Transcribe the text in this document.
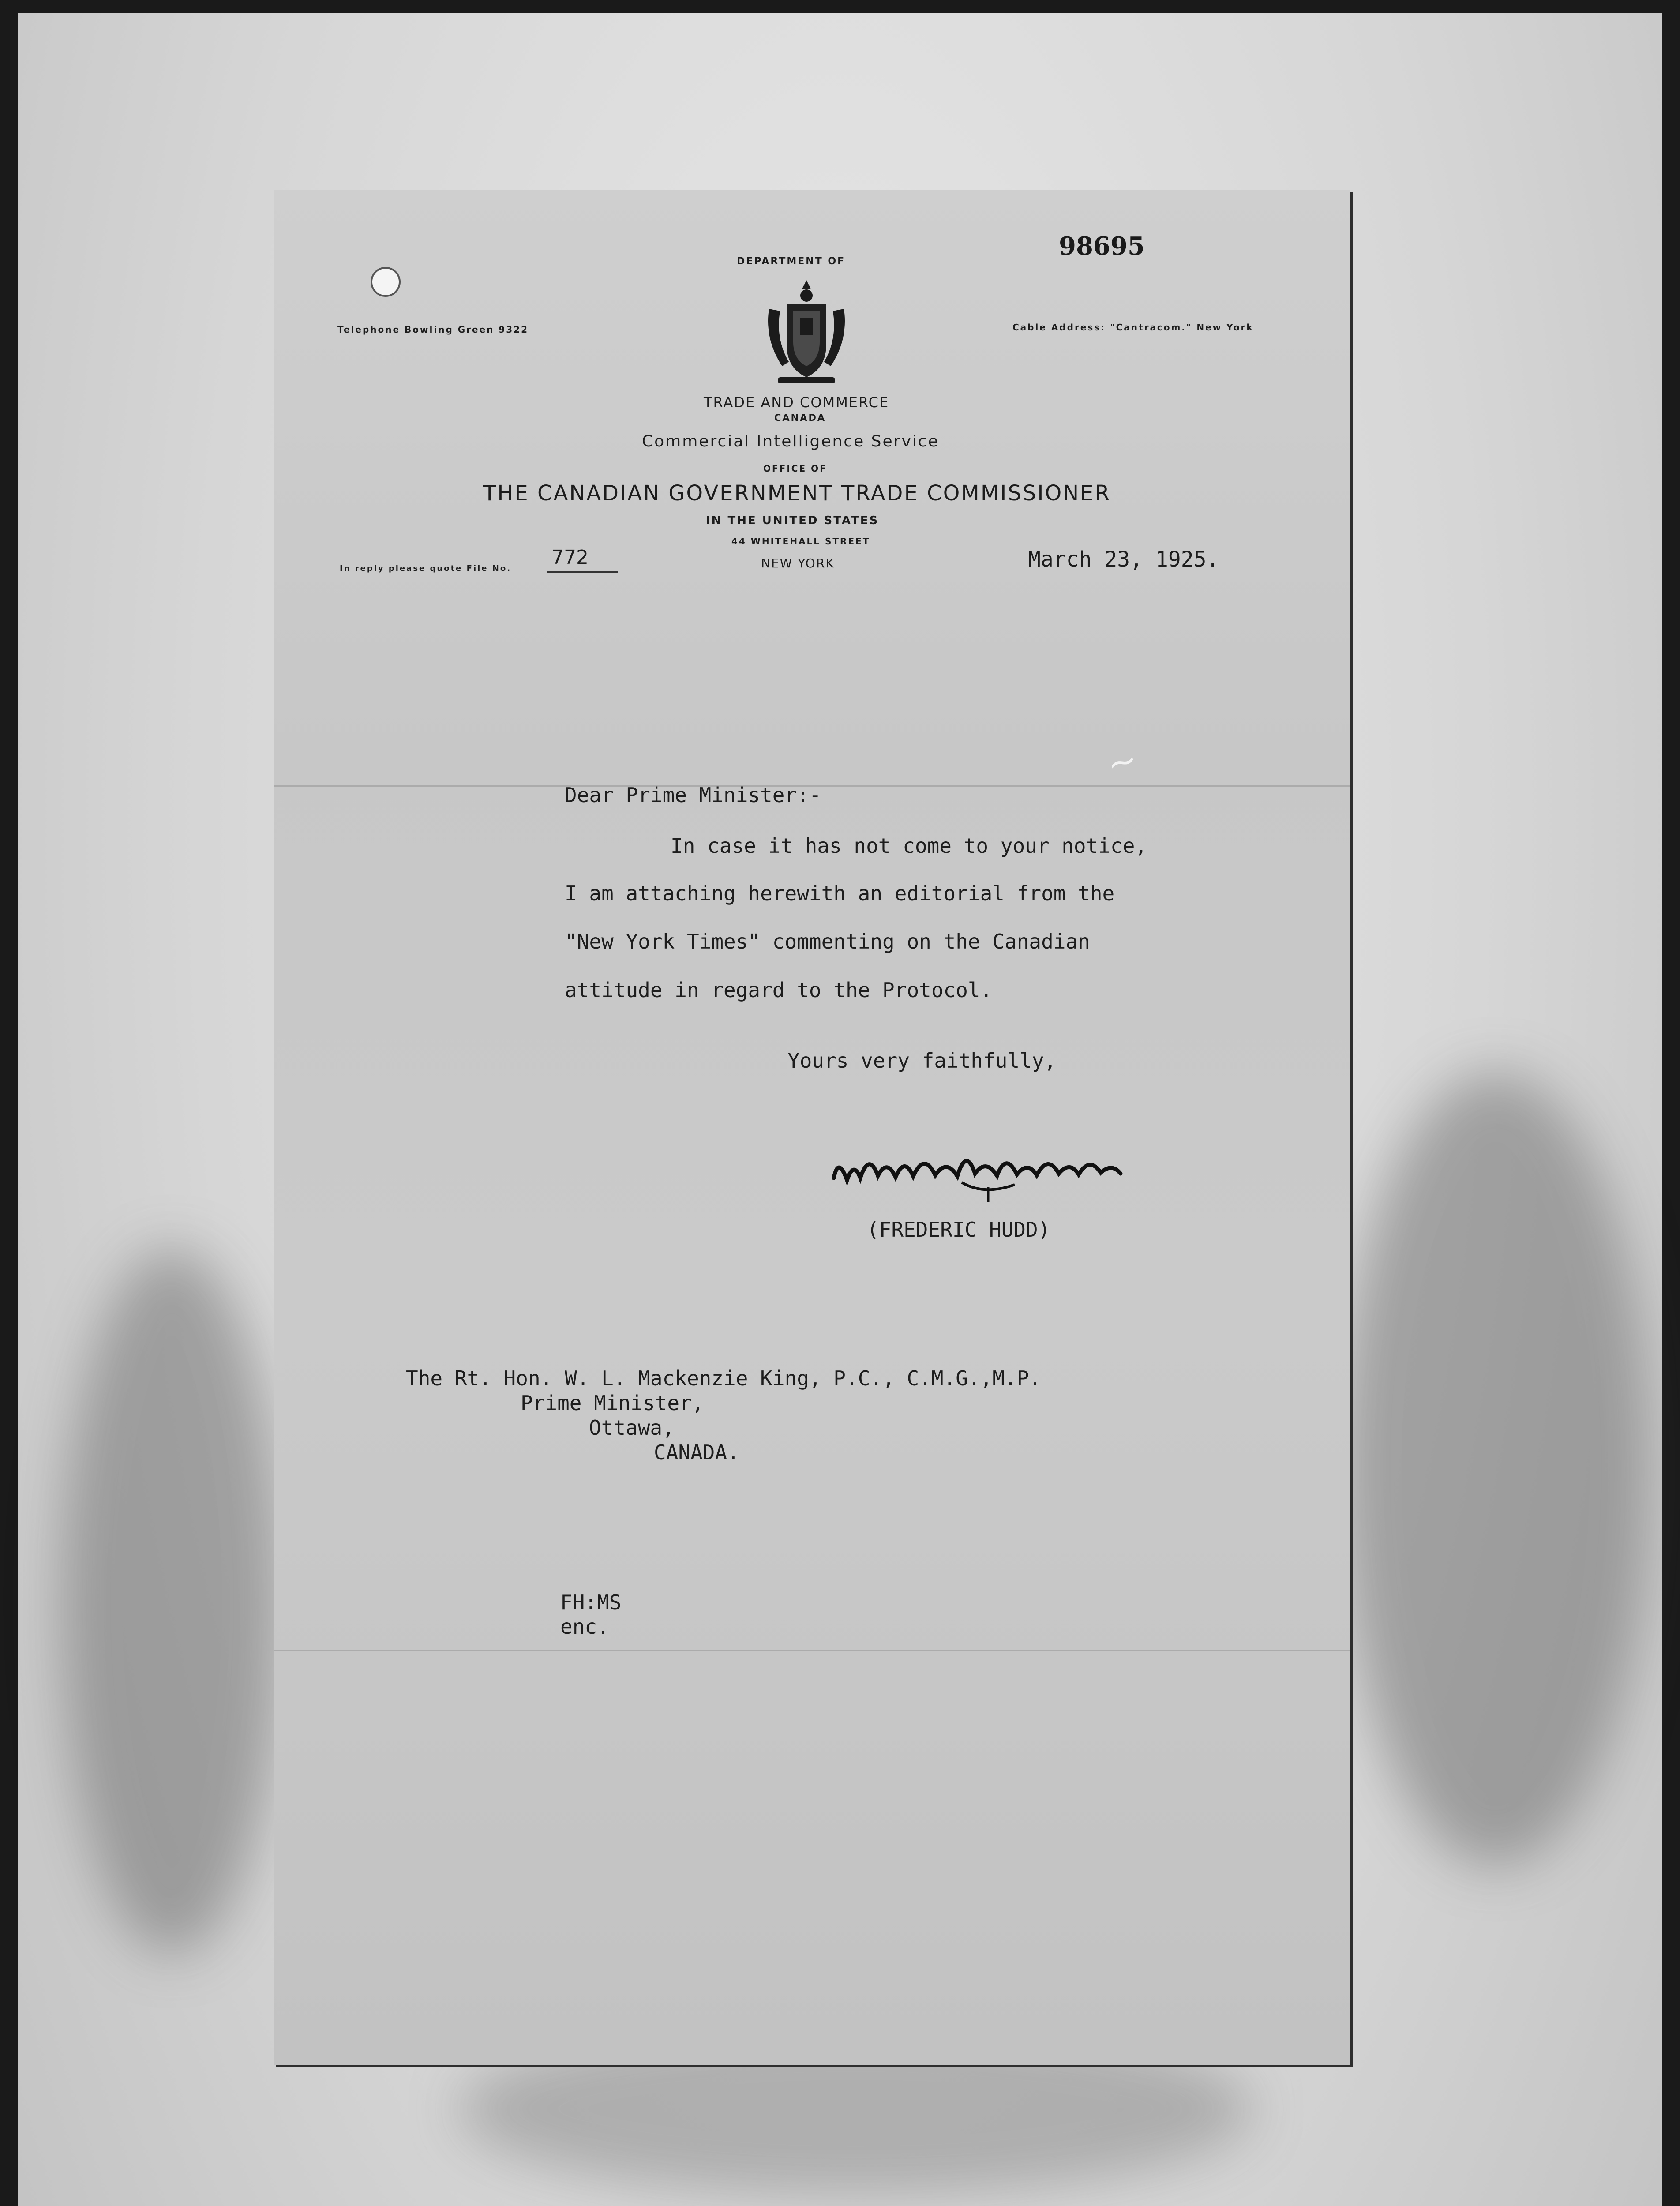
98695
DEPARTMENT OF
Telephone Bowling Green 9322	Cable Address: "Cantracom." New York
TRADE AND COMMERCE
CANADA
Commercial Intelligence Service
OFFICE OF
THE CANADIAN GOVERNMENT TRADE COMMISSIONER
IN THE UNITED STATES
44 WHITEHALL STREET
NEW YORK
In reply please quote File No. 772	March 23, 1925.
~
Dear Prime Minister:-
In case it has not come to your notice,
I am attaching herewith an editorial from the
"New York Times" commenting on the Canadian
attitude in regard to the Protocol.
Yours very faithfully,
(FREDERIC HUDD)
The Rt. Hon. W. L. Mackenzie King, P.C., C.M.G.,M.P.
Prime Minister,
Ottawa,
CANADA.
FH:MS
enc.
